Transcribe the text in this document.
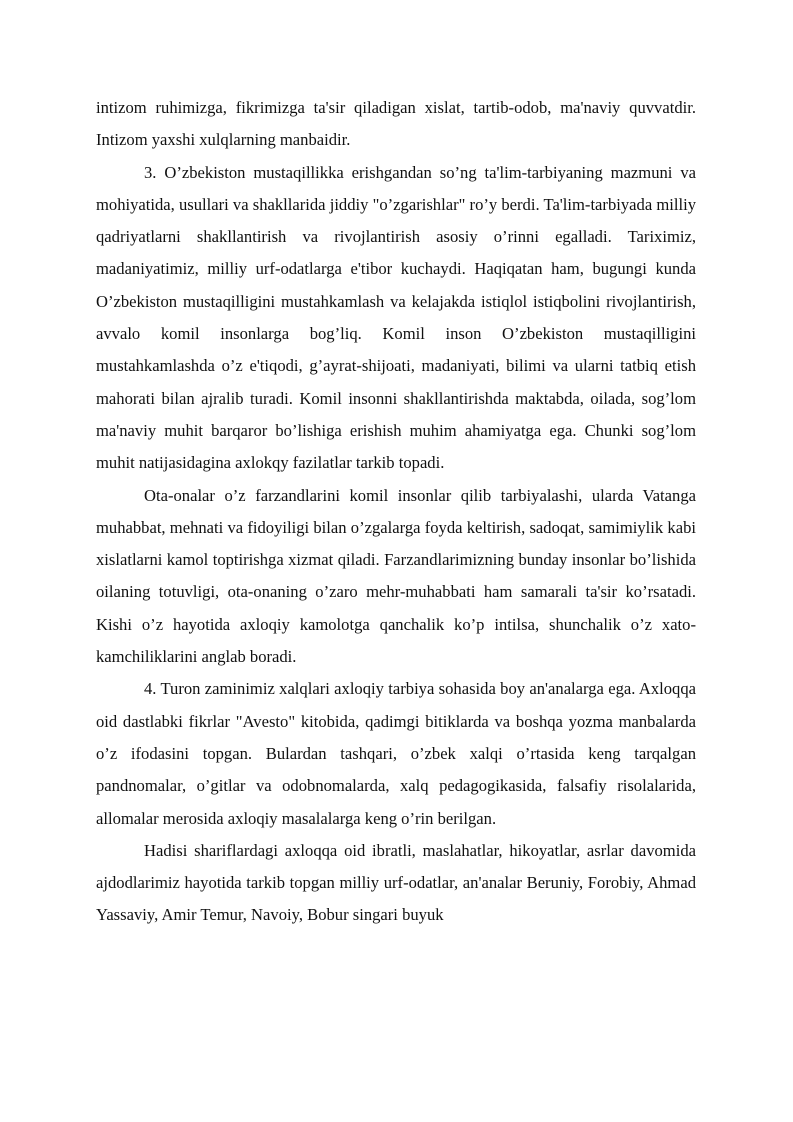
intizom ruhimizga, fikrimizga ta'sir qiladigan xislat, tartib-odob, ma'naviy quvvatdir. Intizom yaxshi xulqlarning manbaidir.

3. O’zbekiston mustaqillikka erishgandan so’ng ta'lim-tarbiyaning mazmuni va mohiyatida, usullari va shakllarida jiddiy "o’zgarishlar" ro’y berdi. Ta'lim-tarbiyada milliy qadriyatlarni shakllantirish va rivojlantirish asosiy o’rinni egalladi. Tariximiz, madaniyatimiz, milliy urf-odatlarga e'tibor kuchaydi. Haqiqatan ham, bugungi kunda O’zbekiston mustaqilligini mustahkamlash va kelajakda istiqlol istiqbolini rivojlantirish, avvalo komil insonlarga bog’liq. Komil inson O’zbekiston mustaqilligini mustahkamlashda o’z e'tiqodi, g’ayrat-shijoati, madaniyati, bilimi va ularni tatbiq etish mahorati bilan ajralib turadi. Komil insonni shakllantirishda maktabda, oilada, sog’lom ma'naviy muhit barqaror bo’lishiga erishish muhim ahamiyatga ega. Chunki sog’lom muhit natijasidagina axlokqy fazilatlar tarkib topadi.

Ota-onalar o’z farzandlarini komil insonlar qilib tarbiyalashi, ularda Vatanga muhabbat, mehnati va fidoyiligi bilan o’zgalarga foyda keltirish, sadoqat, samimiylik kabi xislatlarni kamol toptirishga xizmat qiladi. Farzandlarimizning bunday insonlar bo’lishida oilaning totuvligi, ota-onaning o’zaro mehr-muhabbati ham samarali ta'sir ko’rsatadi. Kishi o’z hayotida axloqiy kamolotga qanchalik ko’p intilsa, shunchalik o’z xato-kamchiliklarini anglab boradi.

4. Turon zaminimiz xalqlari axloqiy tarbiya sohasida boy an'analarga ega. Axloqqa oid dastlabki fikrlar "Avesto" kitobida, qadimgi bitiklarda va boshqa yozma manbalarda o’z ifodasini topgan. Bulardan tashqari, o’zbek xalqi o’rtasida keng tarqalgan pandnomalar, o’gitlar va odobnomalarda, xalq pedagogikasida, falsafiy risolalarida, allomalar merosida axloqiy masalalarga keng o’rin berilgan.

Hadisi shariflardagi axloqqa oid ibratli, maslahatlar, hikoyatlar, asrlar davomida ajdodlarimiz hayotida tarkib topgan milliy urf-odatlar, an'analar Beruniy, Forobiy, Ahmad Yassaviy, Amir Temur, Navoiy, Bobur singari buyuk
